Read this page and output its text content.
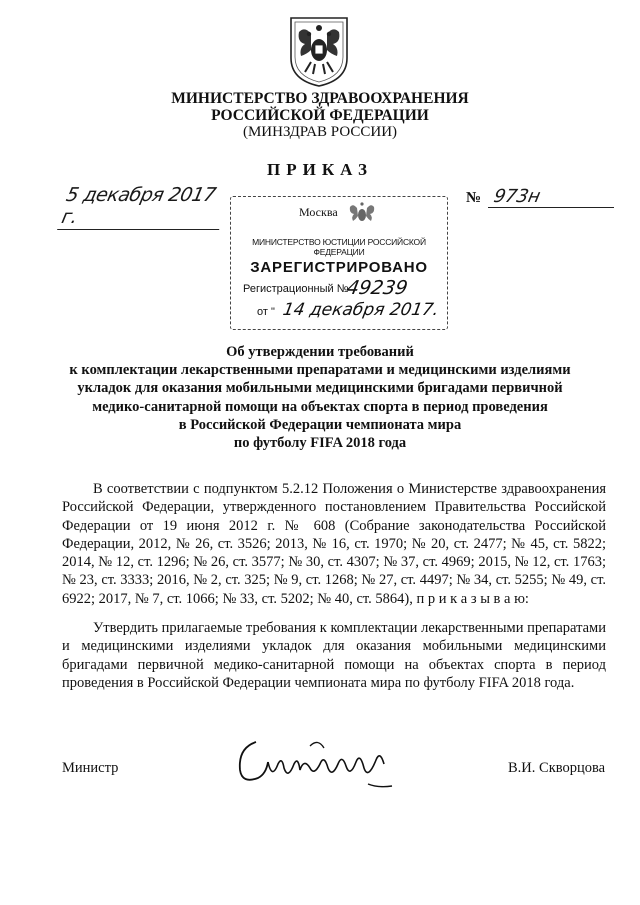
МИНИСТЕРСТВО ЗДРАВООХРАНЕНИЯ
РОССИЙСКОЙ ФЕДЕРАЦИИ
(МИНЗДРАВ РОССИИ)
ПРИКАЗ
5 декабря 2017 г.
№ 973н
Москва
МИНИСТЕРСТВО ЮСТИЦИИ РОССИЙСКОЙ ФЕДЕРАЦИИ
ЗАРЕГИСТРИРОВАНО
Регистрационный №
49239
от " 14 декабря 2017.
Об утверждении требований
к комплектации лекарственными препаратами и медицинскими изделиями
укладок для оказания мобильными медицинскими бригадами первичной
медико-санитарной помощи на объектах спорта в период проведения
в Российской Федерации чемпионата мира
по футболу FIFA 2018 года

В соответствии с подпунктом 5.2.12 Положения о Министерстве здравоохранения Российской Федерации, утвержденного постановлением Правительства Российской Федерации от 19 июня 2012 г. № 608 (Собрание законодательства Российской Федерации, 2012, № 26, ст. 3526; 2013, № 16, ст. 1970; № 20, ст. 2477; № 45, ст. 5822; 2014, № 12, ст. 1296; № 26, ст. 3577; № 30, ст. 4307; № 37, ст. 4969; 2015, № 12, ст. 1763; № 23, ст. 3333; 2016, № 2, ст. 325; № 9, ст. 1268; № 27, ст. 4497; № 34, ст. 5255; № 49, ст. 6922; 2017, № 7, ст. 1066; № 33, ст. 5202; № 40, ст. 5864), п р и к а з ы в а ю:

Утвердить прилагаемые требования к комплектации лекарственными препаратами и медицинскими изделиями укладок для оказания мобильными медицинскими бригадами первичной медико-санитарной помощи на объектах спорта в период проведения в Российской Федерации чемпионата мира по футболу FIFA 2018 года.

Министр	В.И. Скворцова
